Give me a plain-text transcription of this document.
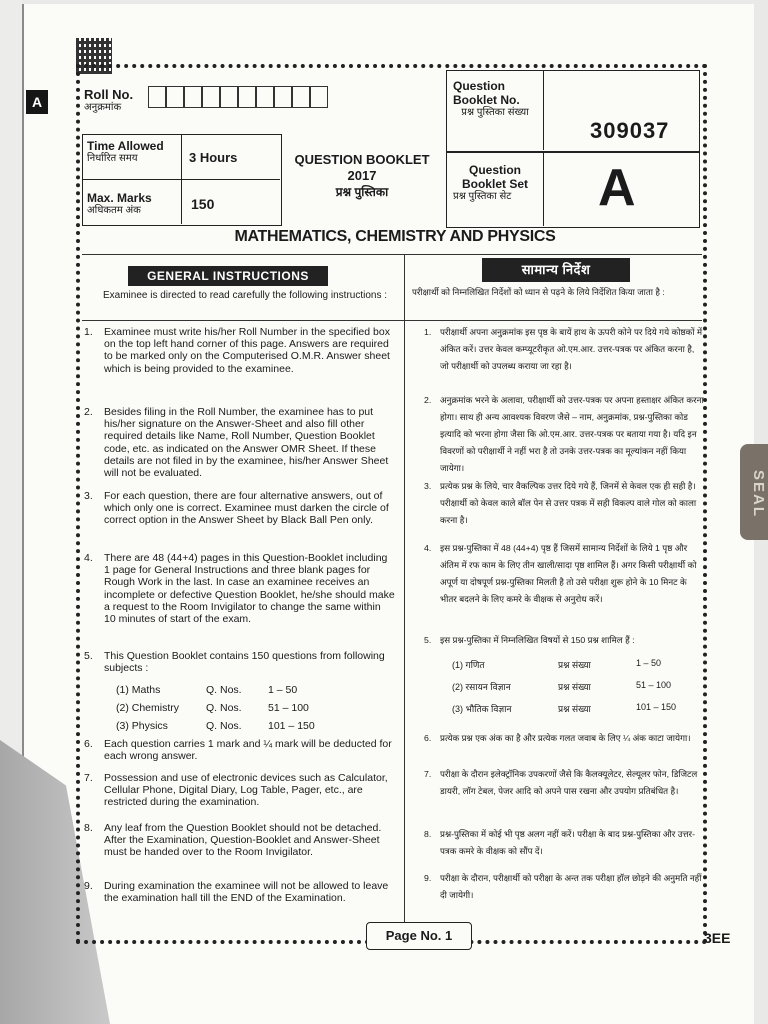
A	Roll No.
अनुक्रमांक
Time Allowed
निर्धारित समय	3 Hours
Max. Marks
अधिकतम अंक	150
QUESTION BOOKLET
2017
प्रश्न पुस्तिका
Question Booklet No.
प्रश्न पुस्तिका संख्या
309037
Question Booklet Set
प्रश्न पुस्तिका सेट	A
MATHEMATICS, CHEMISTRY AND PHYSICS
GENERAL INSTRUCTIONS	सामान्य निर्देश
Examinee is directed to read carefully the following instructions :	परीक्षार्थी को निम्नलिखित निर्देशों को ध्यान से पढ़ने के लिये निर्देशित किया जाता है :
1.	Examinee must write his/her Roll Number in the specified box on the top left hand corner of this page. Answers are required to be marked only on the Computerised O.M.R. Answer sheet which is being provided to the examinee.
2.	Besides filing in the Roll Number, the examinee has to put his/her signature on the Answer-Sheet and also fill other required details like Name, Roll Number, Question Booklet code, etc. as indicated on the Answer OMR Sheet. If these details are not filed in by the examinee, his/her Answer Sheet will not be evaluated.
3.	For each question, there are four alternative answers, out of which only one is correct. Examinee must darken the circle of correct option in the Answer Sheet by Black Ball Pen only.
4.	There are 48 (44+4) pages in this Question-Booklet including 1 page for General Instructions and three blank pages for Rough Work in the last. In case an examinee receives an incomplete or defective Question Booklet, he/she should make a request to the Room Invigilator to change the same within 10 minutes of start of the exam.
5.	This Question Booklet contains 150 questions from following subjects :
6.	Each question carries 1 mark and ¼ mark will be deducted for each wrong answer.
7.	Possession and use of electronic devices such as Calculator, Cellular Phone, Digital Diary, Log Table, Pager, etc., are restricted during the examination.
8.	Any leaf from the Question Booklet should not be detached. After the Examination, Question-Booklet and Answer-Sheet must be handed over to the Room Invigilator.
9.	During examination the examinee will not be allowed to leave the examination hall till the END of the Examination.
(1) Maths	Q. Nos.	1 – 50
(2) Chemistry	Q. Nos.	51 – 100
(3) Physics	Q. Nos.	101 – 150
1.	परीक्षार्थी अपना अनुक्रमांक इस पृष्ठ के बायें हाथ के ऊपरी कोने पर दिये गये कोष्ठकों में अंकित करें। उत्तर केवल कम्प्यूटरीकृत ओ.एम.आर. उत्तर-पत्रक पर अंकित करना है, जो परीक्षार्थी को उपलब्ध कराया जा रहा है।
2.	अनुक्रमांक भरने के अलावा, परीक्षार्थी को उत्तर-पत्रक पर अपना हस्ताक्षर अंकित करना होगा। साथ ही अन्य आवश्यक विवरण जैसे – नाम, अनुक्रमांक, प्रश्न-पुस्तिका कोड इत्यादि को भरना होगा जैसा कि ओ.एम.आर. उत्तर-पत्रक पर बताया गया है। यदि इन विवरणों को परीक्षार्थी ने नहीं भरा है तो उनके उत्तर-पत्रक का मूल्यांकन नहीं किया जायेगा।
3.	प्रत्येक प्रश्न के लिये, चार वैकल्पिक उत्तर दिये गये हैं, जिनमें से केवल एक ही सही है। परीक्षार्थी को केवल काले बॉल पेन से उत्तर पत्रक में सही विकल्प वाले गोल को काला करना है।
4.	इस प्रश्न-पुस्तिका में 48 (44+4) पृष्ठ हैं जिसमें सामान्य निर्देशों के लिये 1 पृष्ठ और अंतिम में रफ काम के लिए तीन खाली/सादा पृष्ठ शामिल हैं। अगर किसी परीक्षार्थी को अपूर्ण या दोषपूर्ण प्रश्न-पुस्तिका मिलती है तो उसे परीक्षा शुरू होने के 10 मिनट के भीतर बदलने के लिए कमरे के वीक्षक से अनुरोध करें।
5.	इस प्रश्न-पुस्तिका में निम्नलिखित विषयों से 150 प्रश्न शामिल हैं :
6.	प्रत्येक प्रश्न एक अंक का है और प्रत्येक गलत जवाब के लिए ¼ अंक काटा जायेगा।
7.	परीक्षा के दौरान इलेक्ट्रॉनिक उपकरणों जैसे कि कैलक्यूलेटर, सेल्यूलर फोन, डिजिटल डायरी, लॉग टेबल, पेजर आदि को अपने पास रखना और उपयोग प्रतिबंधित है।
8.	प्रश्न-पुस्तिका में कोई भी पृष्ठ अलग नहीं करें। परीक्षा के बाद प्रश्न-पुस्तिका और उत्तर-पत्रक कमरे के वीक्षक को सौंप दें।
9.	परीक्षा के दौरान, परीक्षार्थी को परीक्षा के अन्त तक परीक्षा हॉल छोड़ने की अनुमति नहीं दी जायेगी।
(1) गणित	प्रश्न संख्या	1 – 50
(2) रसायन विज्ञान	प्रश्न संख्या	51 – 100
(3) भौतिक विज्ञान	प्रश्न संख्या	101 – 150
Page No. 1	3EE
SEAL
